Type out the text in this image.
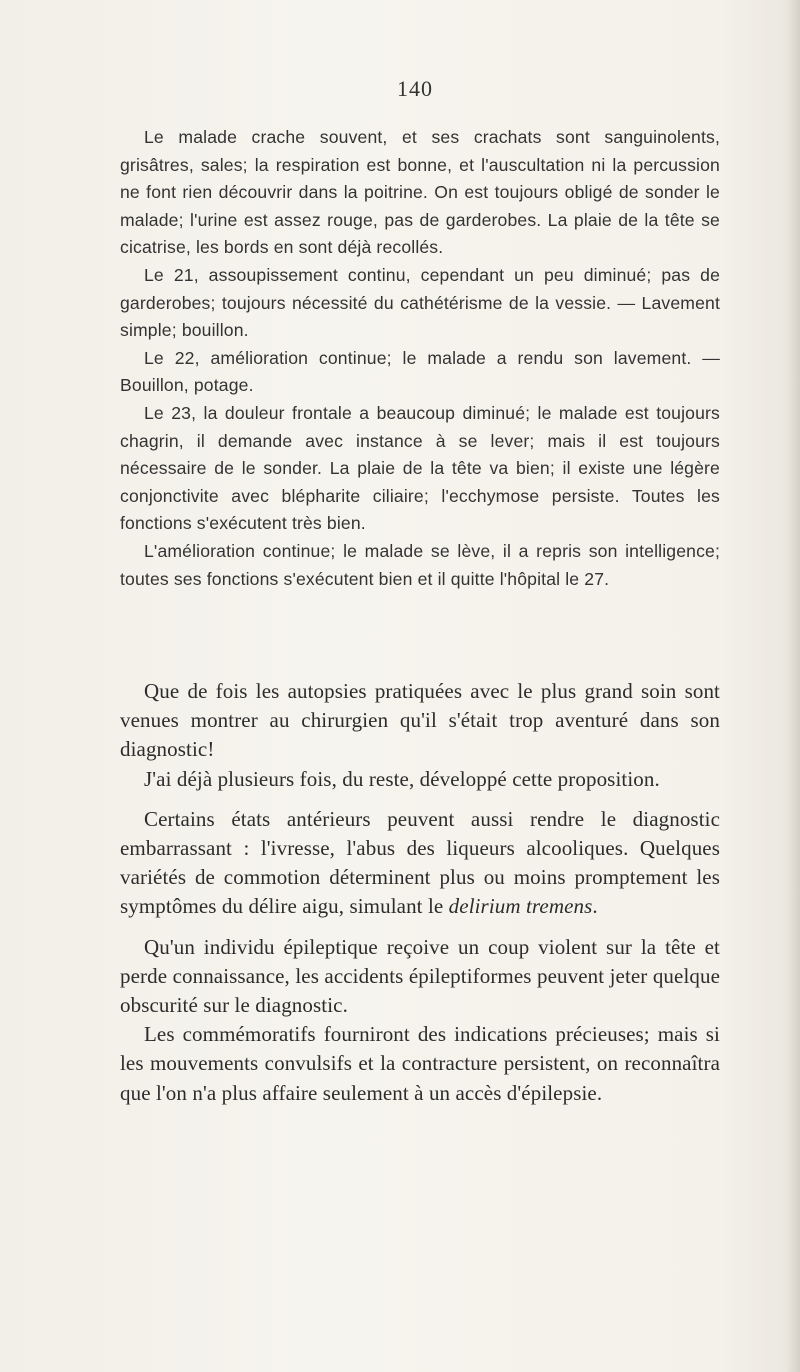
140

Le malade crache souvent, et ses crachats sont sanguinolents, grisâtres, sales; la respiration est bonne, et l'auscultation ni la percussion ne font rien découvrir dans la poitrine. On est toujours obligé de sonder le malade; l'urine est assez rouge, pas de garderobes. La plaie de la tête se cicatrise, les bords en sont déjà recollés.

Le 21, assoupissement continu, cependant un peu diminué; pas de garderobes; toujours nécessité du cathétérisme de la vessie. — Lavement simple; bouillon.

Le 22, amélioration continue; le malade a rendu son lavement. — Bouillon, potage.

Le 23, la douleur frontale a beaucoup diminué; le malade est toujours chagrin, il demande avec instance à se lever; mais il est toujours nécessaire de le sonder. La plaie de la tête va bien; il existe une légère conjonctivite avec blépharite ciliaire; l'ecchymose persiste. Toutes les fonctions s'exécutent très bien.

L'amélioration continue; le malade se lève, il a repris son intelligence; toutes ses fonctions s'exécutent bien et il quitte l'hôpital le 27.

Que de fois les autopsies pratiquées avec le plus grand soin sont venues montrer au chirurgien qu'il s'était trop aventuré dans son diagnostic!

J'ai déjà plusieurs fois, du reste, développé cette proposition.

Certains états antérieurs peuvent aussi rendre le diagnostic embarrassant : l'ivresse, l'abus des liqueurs alcooliques. Quelques variétés de commotion déterminent plus ou moins promptement les symptômes du délire aigu, simulant le delirium tremens.

Qu'un individu épileptique reçoive un coup violent sur la tête et perde connaissance, les accidents épileptiformes peuvent jeter quelque obscurité sur le diagnostic.

Les commémoratifs fourniront des indications précieuses; mais si les mouvements convulsifs et la contracture persistent, on reconnaîtra que l'on n'a plus affaire seulement à un accès d'épilepsie.
